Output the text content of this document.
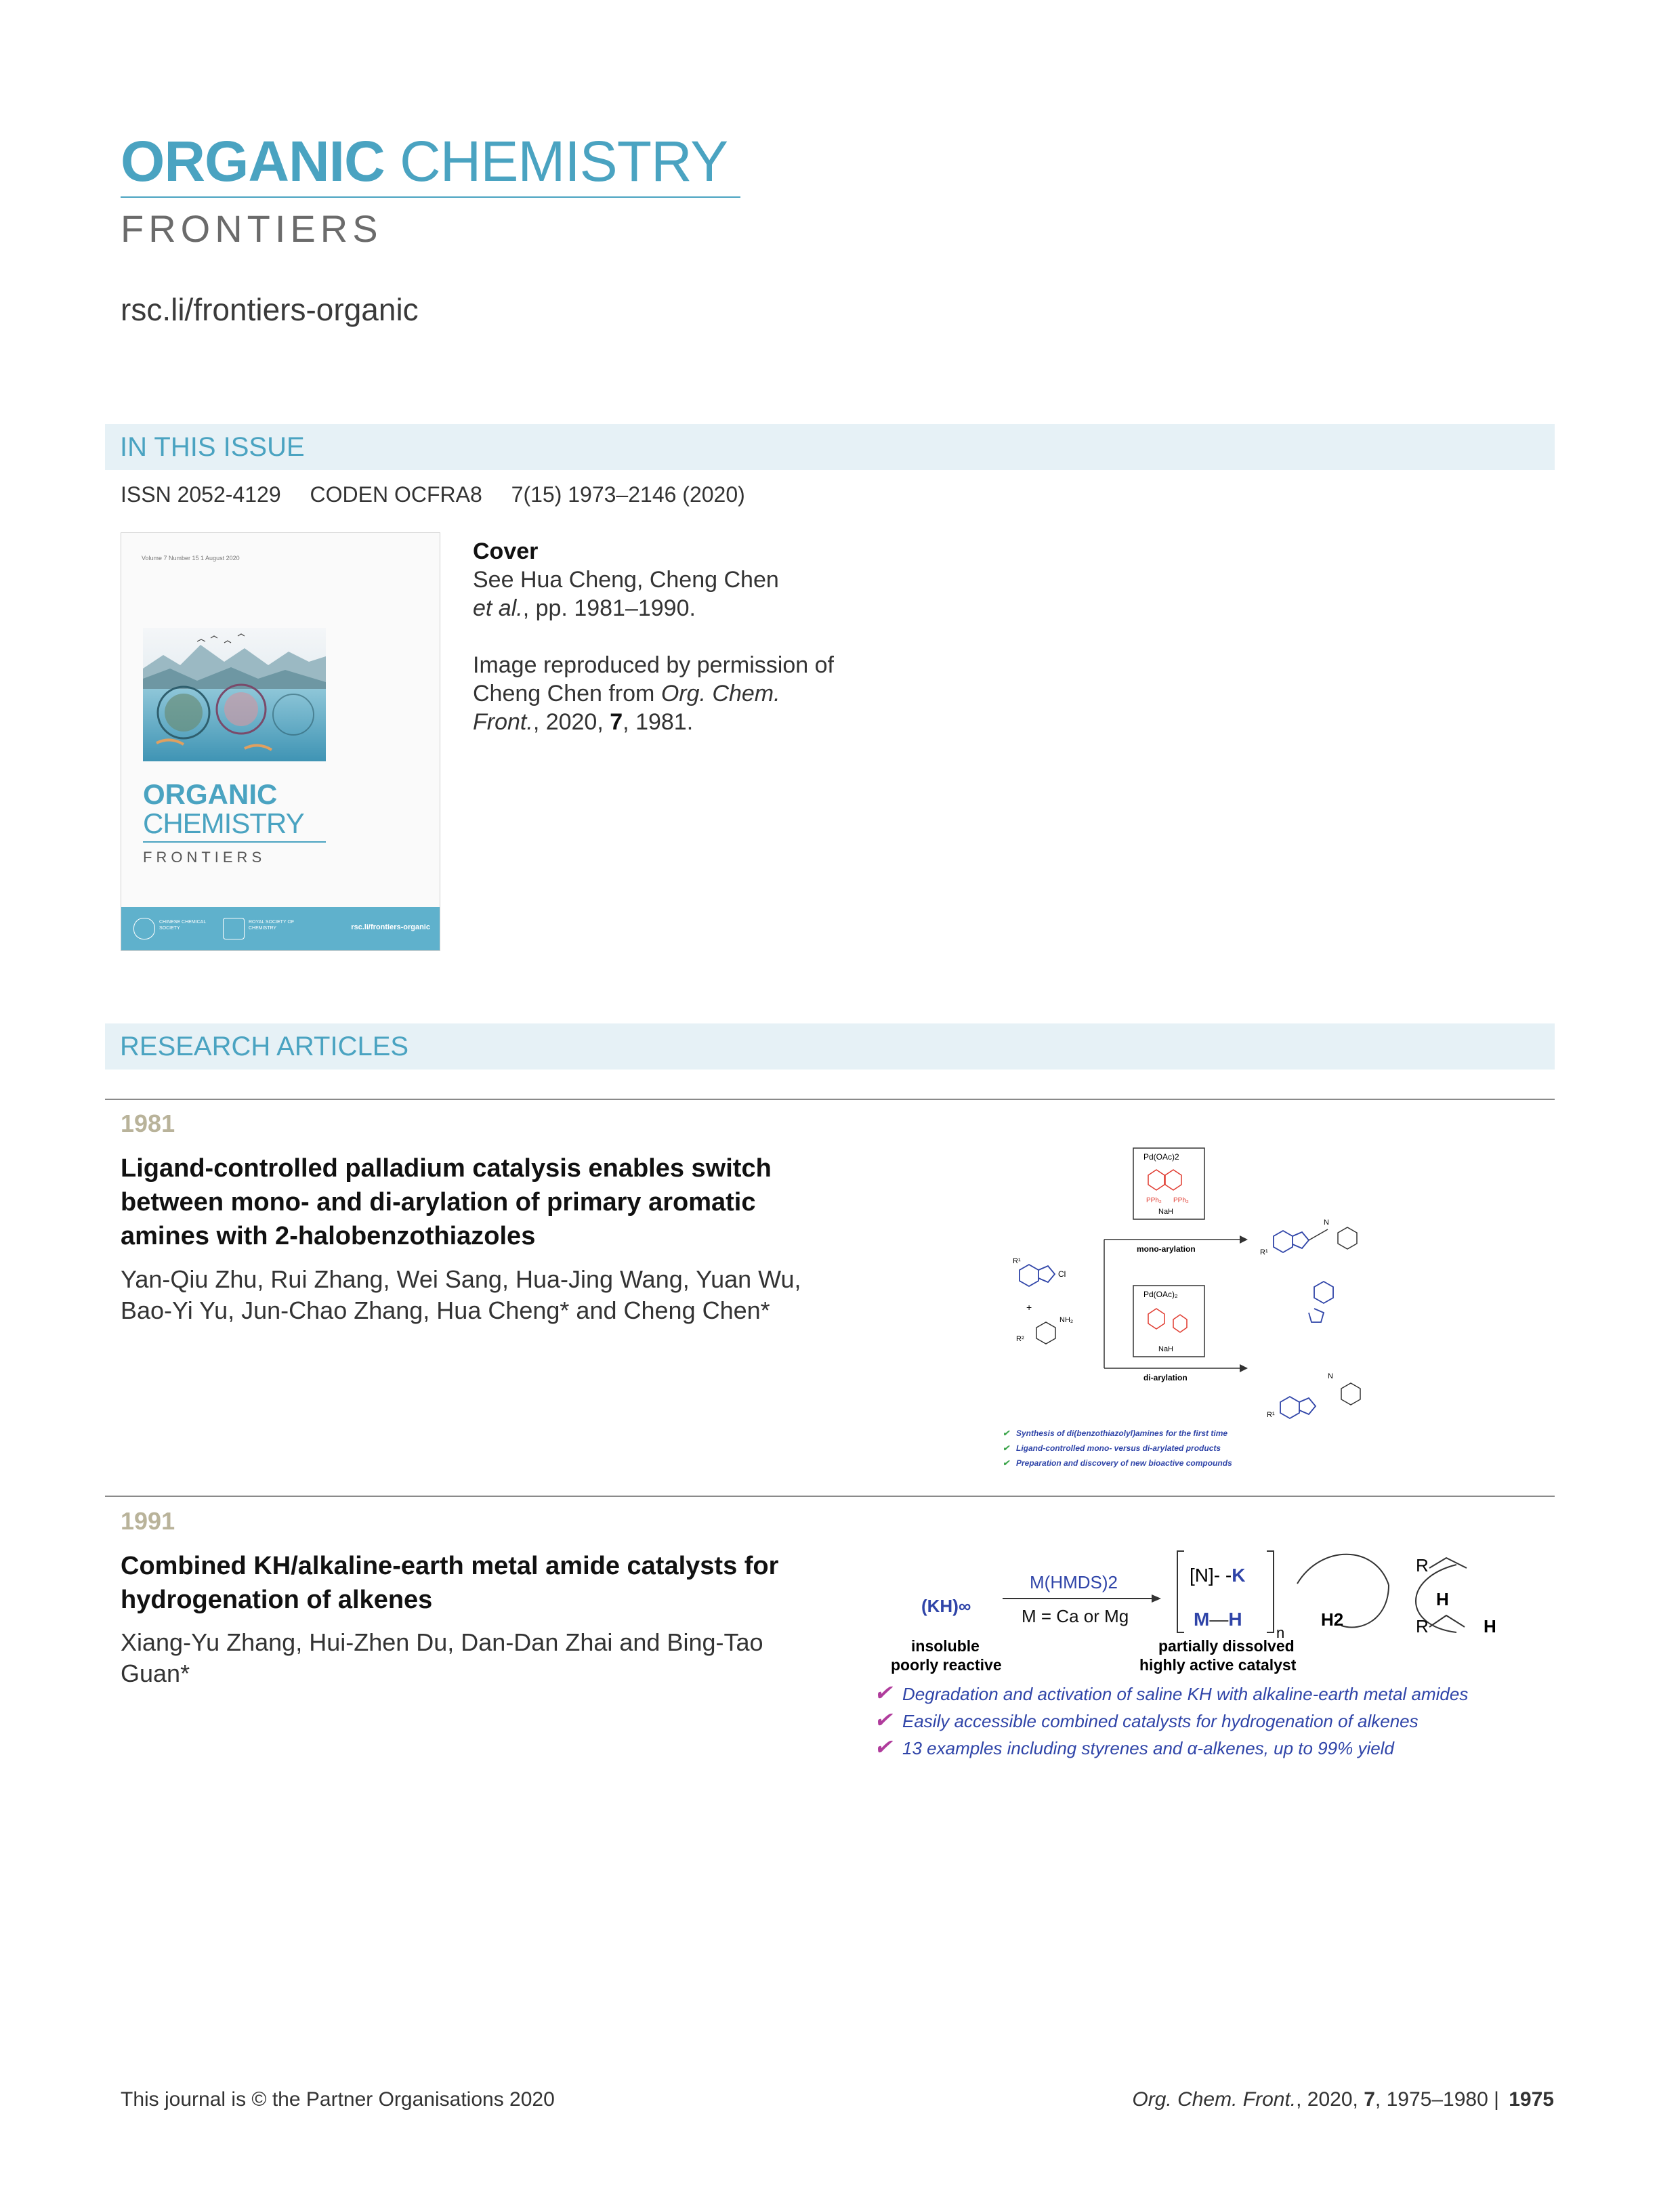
ORGANIC CHEMISTRY
FRONTIERS
rsc.li/frontiers-organic
IN THIS ISSUE
ISSN 2052-4129 CODEN OCFRA8 7(15) 1973–2146 (2020)
Volume 7 Number 15 1 August 2020
ORGANIC
CHEMISTRY
FRONTIERS
CHINESE CHEMICAL SOCIETY
ROYAL SOCIETY OF CHEMISTRY	rsc.li/frontiers-organic
Cover
See Hua Cheng, Cheng Chen
et al., pp. 1981–1990.

Image reproduced by permission of Cheng Chen from Org. Chem. Front., 2020, 7, 1981.
RESEARCH ARTICLES
1981
Ligand-controlled palladium catalysis enables switch between mono- and di-arylation of primary aromatic amines with 2-halobenzothiazoles
Yan-Qiu Zhu, Rui Zhang, Wei Sang, Hua-Jing Wang, Yuan Wu, Bao-Yi Yu, Jun-Chao Zhang, Hua Cheng* and Cheng Chen*
Pd(OAc)2
PPh₂ PPh₂
NaH
Pd(OAc)₂
NaH
mono-arylation
di-arylation
Cl
R¹
+
NH₂
R²
N
R¹
N
R¹
✔ Synthesis of di(benzothiazolyl)amines for the first time
✔ Ligand-controlled mono- versus di-arylated products
✔ Preparation and discovery of new bioactive compounds
1991
Combined KH/alkaline-earth metal amide catalysts for hydrogenation of alkenes
Xiang-Yu Zhang, Hui-Zhen Du, Dan-Dan Zhai and Bing-Tao Guan*
(KH)∞
M(HMDS)2
M = Ca or Mg
insoluble
poorly reactive
[N]- -K
M—H
n
partially dissolved
highly active catalyst
H2
R
H
R	H
✔ Degradation and activation of saline KH with alkaline-earth metal amides
✔ Easily accessible combined catalysts for hydrogenation of alkenes
✔ 13 examples including styrenes and α-alkenes, up to 99% yield
This journal is © the Partner Organisations 2020	Org. Chem. Front., 2020, 7, 1975–1980 | 1975
